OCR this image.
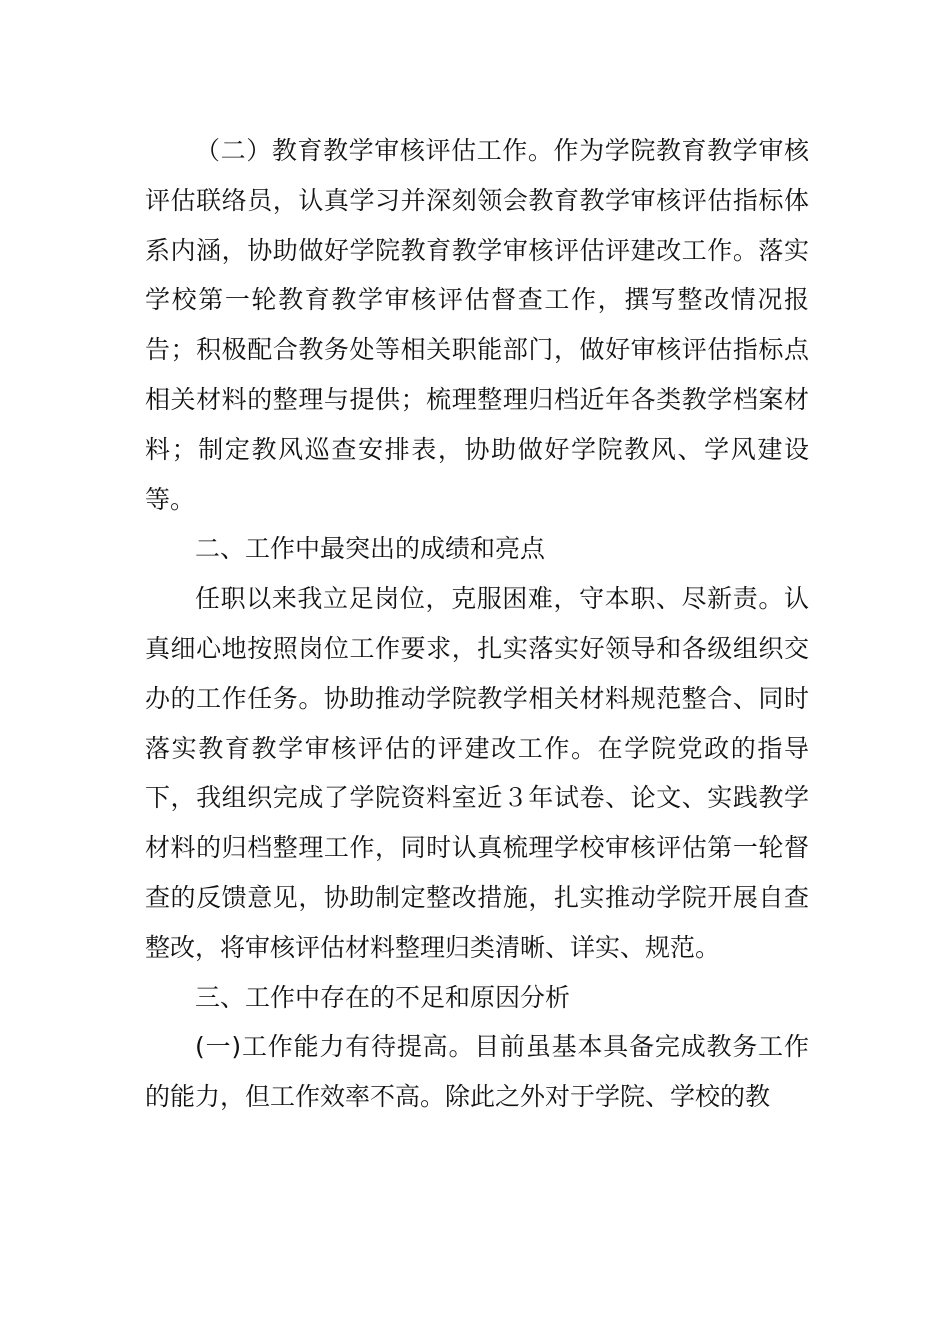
（二）教育教学审核评估工作。作为学院教育教学审核评估联络员，认真学习并深刻领会教育教学审核评估指标体系内涵，协助做好学院教育教学审核评估评建改工作。落实学校第一轮教育教学审核评估督查工作，撰写整改情况报告；积极配合教务处等相关职能部门，做好审核评估指标点相关材料的整理与提供；梳理整理归档近年各类教学档案材料；制定教风巡查安排表，协助做好学院教风、学风建设等。

二、工作中最突出的成绩和亮点

任职以来我立足岗位，克服困难，守本职、尽新责。认真细心地按照岗位工作要求，扎实落实好领导和各级组织交办的工作任务。协助推动学院教学相关材料规范整合、同时落实教育教学审核评估的评建改工作。在学院党政的指导下，我组织完成了学院资料室近３年试卷、论文、实践教学材料的归档整理工作，同时认真梳理学校审核评估第一轮督查的反馈意见，协助制定整改措施，扎实推动学院开展自查整改，将审核评估材料整理归类清晰、详实、规范。

三、工作中存在的不足和原因分析

(一)工作能力有待提高。目前虽基本具备完成教务工作的能力，但工作效率不高。除此之外对于学院、学校的教
